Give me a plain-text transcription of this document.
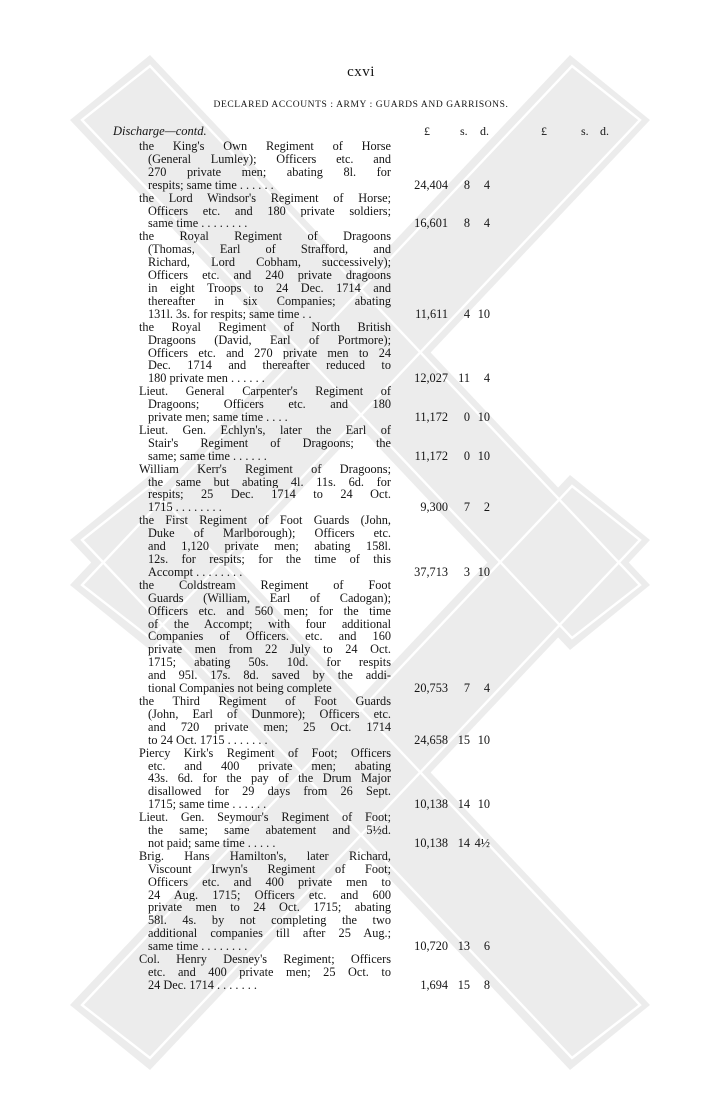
cxvi
DECLARED ACCOUNTS : ARMY : GUARDS AND GARRISONS.
Discharge—contd.	£	s. d.	£	s. d.
the King's Own Regiment of Horse
(General Lumley); Officers etc. and
270 private men; abating 8l. for
respits; same time . . . . . .	24,404	8	4
the Lord Windsor's Regiment of Horse;
Officers etc. and 180 private soldiers;
same time . . . . . . . .	16,601	8	4
the Royal Regiment of Dragoons
(Thomas, Earl of Strafford, and
Richard, Lord Cobham, successively);
Officers etc. and 240 private dragoons
in eight Troops to 24 Dec. 1714 and
thereafter in six Companies; abating
131l. 3s. for respits; same time . .	11,611	4 10
the Royal Regiment of North British
Dragoons (David, Earl of Portmore);
Officers etc. and 270 private men to 24
Dec. 1714 and thereafter reduced to
180 private men . . . . . .	12,027 11	4
Lieut. General Carpenter's Regiment of
Dragoons; Officers etc. and 180
private men; same time . . . .	11,172	0 10
Lieut. Gen. Echlyn's, later the Earl of
Stair's Regiment of Dragoons; the
same; same time . . . . . .	11,172	0 10
William Kerr's Regiment of Dragoons;
the same but abating 4l. 11s. 6d. for
respits; 25 Dec. 1714 to 24 Oct.
1715 . . . . . . . .	9,300	7	2
the First Regiment of Foot Guards (John,
Duke of Marlborough); Officers etc.
and 1,120 private men; abating 158l.
12s. for respits; for the time of this
Accompt . . . . . . . .	37,713	3 10
the Coldstream Regiment of Foot
Guards (William, Earl of Cadogan);
Officers etc. and 560 men; for the time
of the Accompt; with four additional
Companies of Officers. etc. and 160
private men from 22 July to 24 Oct.
1715; abating 50s. 10d. for respits
and 95l. 17s. 8d. saved by the addi-
tional Companies not being complete	20,753	7	4
the Third Regiment of Foot Guards
(John, Earl of Dunmore); Officers etc.
and 720 private men; 25 Oct. 1714
to 24 Oct. 1715 . . . . . . .	24,658 15 10
Piercy Kirk's Regiment of Foot; Officers
etc. and 400 private men; abating
43s. 6d. for the pay of the Drum Major
disallowed for 29 days from 26 Sept.
1715; same time . . . . . .	10,138 14 10
Lieut. Gen. Seymour's Regiment of Foot;
the same; same abatement and 5½d.
not paid; same time . . . . .	10,138 14 4½
Brig. Hans Hamilton's, later Richard,
Viscount Irwyn's Regiment of Foot;
Officers etc. and 400 private men to
24 Aug. 1715; Officers etc. and 600
private men to 24 Oct. 1715; abating
58l. 4s. by not completing the two
additional companies till after 25 Aug.;
same time . . . . . . . .	10,720 13	6
Col. Henry Desney's Regiment; Officers
etc. and 400 private men; 25 Oct. to
24 Dec. 1714 . . . . . . .	1,694 15	8
